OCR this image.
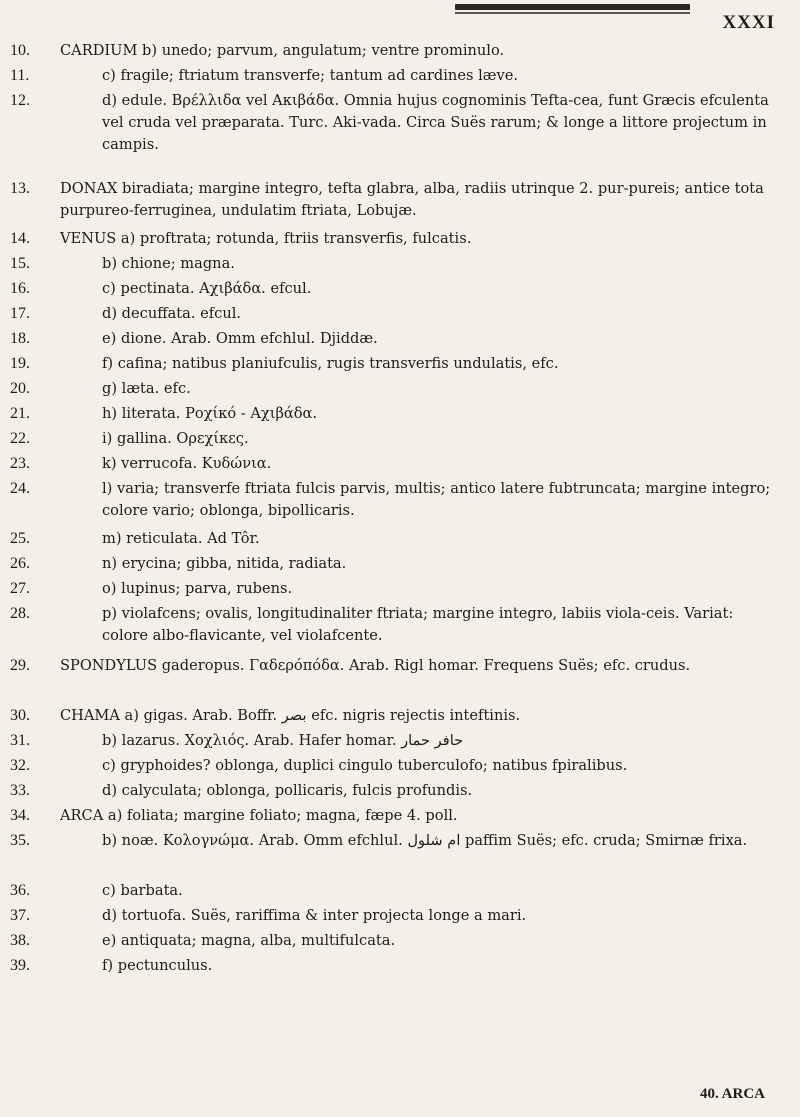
XXXI
10.	CARDIUM b) unedo; parvum, angulatum; ventre prominulo.
11.	c) fragile; ftriatum transverfe; tantum ad cardines læve.
12.	d) edule. Βρέλλιδα vel Ακιβάδα. Omnia hujus cognominis Tefta-cea, funt Græcis efculenta vel cruda vel præparata. Turc. Aki-vada. Circa Suës rarum; & longe a littore projectum in campis.
13.	DONAX biradiata; margine integro, tefta glabra, alba, radiis utrinque 2. pur-pureis; antice tota purpureo-ferruginea, undulatim ftriata, Lobujæ.
14.	VENUS a) proftrata; rotunda, ftriis transverfis, fulcatis.
15.	b) chione; magna.
16.	c) pectinata. Αχιβάδα. efcul.
17.	d) decuffata. efcul.
18.	e) dione. Arab. Omm efchlul. Djiddæ.
19.	f) cafina; natibus planiufculis, rugis transverfis undulatis, efc.
20.	g) læta. efc.
21.	h) literata. Ροχίκό - Αχιβάδα.
22.	i) gallina. Ορεχίκες.
23.	k) verrucofa. Κυδώνια.
24.	l) varia; transverfe ftriata fulcis parvis, multis; antico latere fubtruncata; margine integro; colore vario; oblonga, bipollicaris.
25.	m) reticulata. Ad Tôr.
26.	n) erycina; gibba, nitida, radiata.
27.	o) lupinus; parva, rubens.
28.	p) violafcens; ovalis, longitudinaliter ftriata; margine integro, labiis viola-ceis. Variat: colore albo-flavicante, vel violafcente.
29.	SPONDYLUS gaderopus. Γαδερόπόδα. Arab. Rigl homar. Frequens Suës; efc. crudus.
30.	CHAMA a) gigas. Arab. Boffr. بصر efc. nigris rejectis inteftinis.
31.	b) lazarus. Χοχλιός. Arab. Hafer homar. حافر حمار
32.	c) gryphoides? oblonga, duplici cingulo tuberculofo; natibus fpiralibus.
33.	d) calyculata; oblonga, pollicaris, fulcis profundis.
34.	ARCA a) foliata; margine foliato; magna, fæpe 4. poll.
35.	b) noæ. Κολογνώμα. Arab. Omm efchlul. ام شلول paffim Suës; efc. cruda; Smirnæ frixa.
36.	c) barbata.
37.	d) tortuofa. Suës, rariffima & inter projecta longe a mari.
38.	e) antiquata; magna, alba, multifulcata.
39.	f) pectunculus.
40. ARCA
